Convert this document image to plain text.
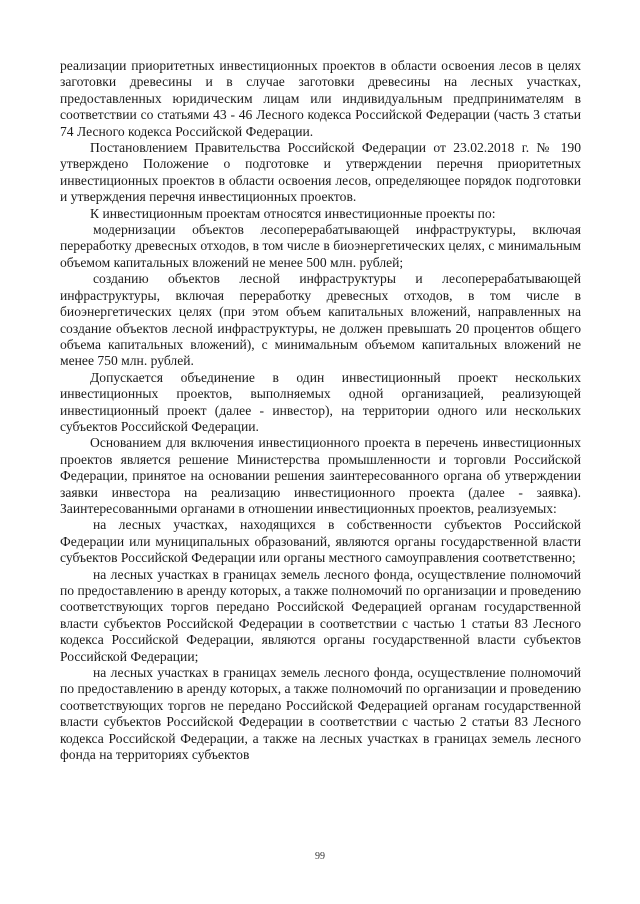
реализации приоритетных инвестиционных проектов в области освоения лесов в целях заготовки древесины и в случае заготовки древесины на лесных участках, предоставленных юридическим лицам или индивидуальным предпринимателям в соответствии со статьями 43 - 46 Лесного кодекса Российской Федерации (часть 3 статьи 74 Лесного кодекса Российской Федерации.

Постановлением Правительства Российской Федерации от 23.02.2018 г. № 190 утверждено Положение о подготовке и утверждении перечня приоритетных инвестиционных проектов в области освоения лесов, определяющее порядок подготовки и утверждения перечня инвестиционных проектов.

К инвестиционным проектам относятся инвестиционные проекты по:

модернизации объектов лесоперерабатывающей инфраструктуры, включая переработку древесных отходов, в том числе в биоэнергетических целях, с минимальным объемом капитальных вложений не менее 500 млн. рублей;

созданию объектов лесной инфраструктуры и лесоперерабатывающей инфраструктуры, включая переработку древесных отходов, в том числе в биоэнергетических целях (при этом объем капитальных вложений, направленных на создание объектов лесной инфраструктуры, не должен превышать 20 процентов общего объема капитальных вложений), с минимальным объемом капитальных вложений не менее 750 млн. рублей.

Допускается объединение в один инвестиционный проект нескольких инвестиционных проектов, выполняемых одной организацией, реализующей инвестиционный проект (далее - инвестор), на территории одного или нескольких субъектов Российской Федерации.

Основанием для включения инвестиционного проекта в перечень инвестиционных проектов является решение Министерства промышленности и торговли Российской Федерации, принятое на основании решения заинтересованного органа об утверждении заявки инвестора на реализацию инвестиционного проекта (далее - заявка). Заинтересованными органами в отношении инвестиционных проектов, реализуемых:

на лесных участках, находящихся в собственности субъектов Российской Федерации или муниципальных образований, являются органы государственной власти субъектов Российской Федерации или органы местного самоуправления соответственно;

на лесных участках в границах земель лесного фонда, осуществление полномочий по предоставлению в аренду которых, а также полномочий по организации и проведению соответствующих торгов передано Российской Федерацией органам государственной власти субъектов Российской Федерации в соответствии с частью 1 статьи 83 Лесного кодекса Российской Федерации, являются органы государственной власти субъектов Российской Федерации;

на лесных участках в границах земель лесного фонда, осуществление полномочий по предоставлению в аренду которых, а также полномочий по организации и проведению соответствующих торгов не передано Российской Федерацией органам государственной власти субъектов Российской Федерации в соответствии с частью 2 статьи 83 Лесного кодекса Российской Федерации, а также на лесных участках в границах земель лесного фонда на территориях субъектов

99
